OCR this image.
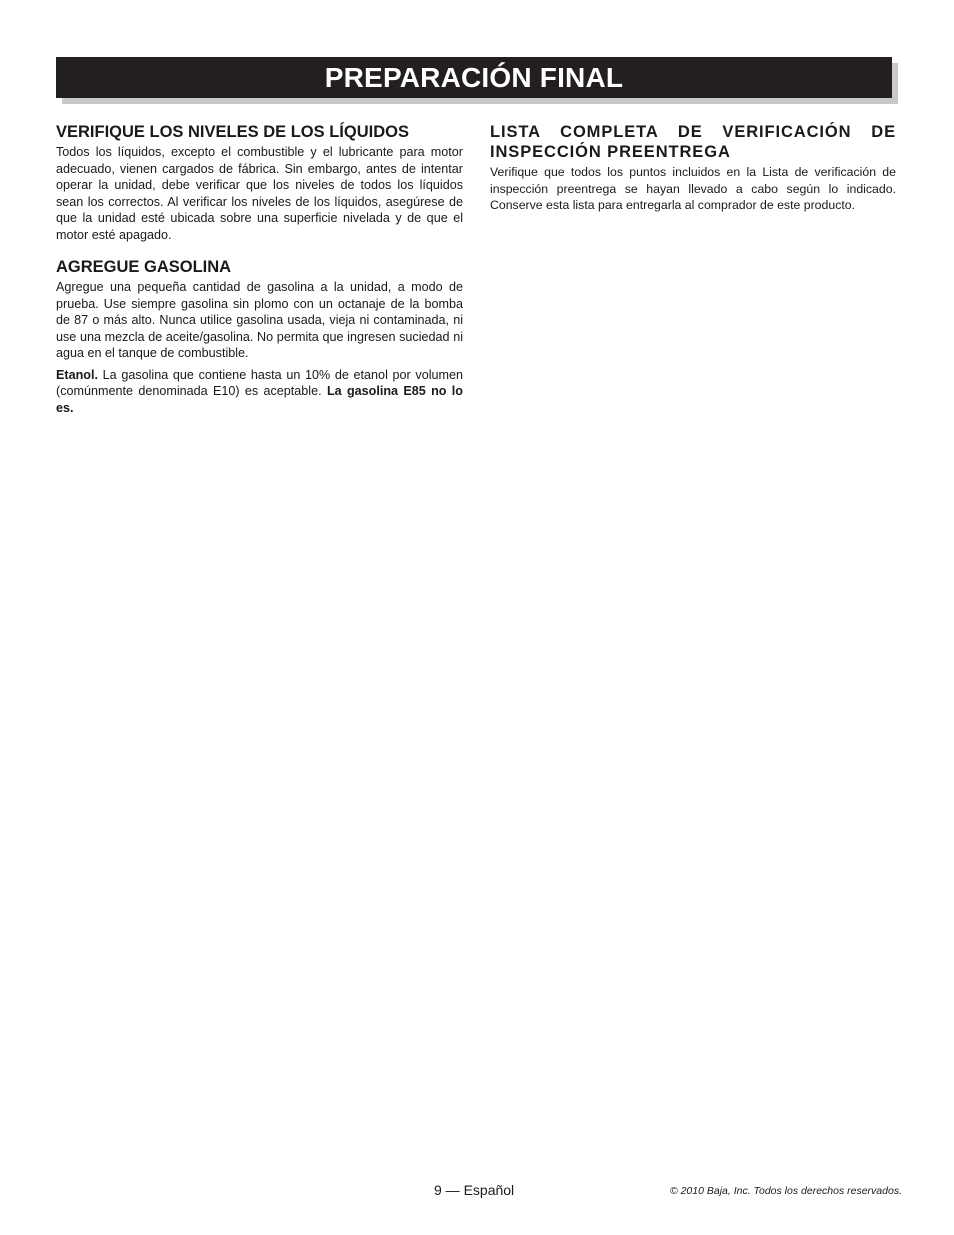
PREPARACIÓN FINAL
VERIFIQUE LOS NIVELES DE LOS LÍQUIDOS

Todos los líquidos, excepto el combustible y el lubricante para motor adecuado, vienen cargados de fábrica. Sin embargo, antes de intentar operar la unidad, debe verificar que los niveles de todos los líquidos sean los correctos. Al verificar los niveles de los líquidos, asegúrese de que la unidad esté ubicada sobre una superficie nivelada y de que el motor esté apagado.

AGREGUE GASOLINA

Agregue una pequeña cantidad de gasolina a la unidad, a modo de prueba. Use siempre gasolina sin plomo con un octanaje de la bomba de 87 o más alto. Nunca utilice gasolina usada, vieja ni contaminada, ni use una mezcla de aceite/gasolina. No permita que ingresen suciedad ni agua en el tanque de combustible.

Etanol. La gasolina que contiene hasta un 10% de etanol por volumen (comúnmente denominada E10) es aceptable. La gasolina E85 no lo es.

LISTA COMPLETA DE VERIFICACIÓN DE INSPECCIÓN PREENTREGA

Verifique que todos los puntos incluidos en la Lista de verificación de inspección preentrega se hayan llevado a cabo según lo indicado. Conserve esta lista para entregarla al comprador de este producto.

9 — Español	© 2010 Baja, Inc. Todos los derechos reservados.
